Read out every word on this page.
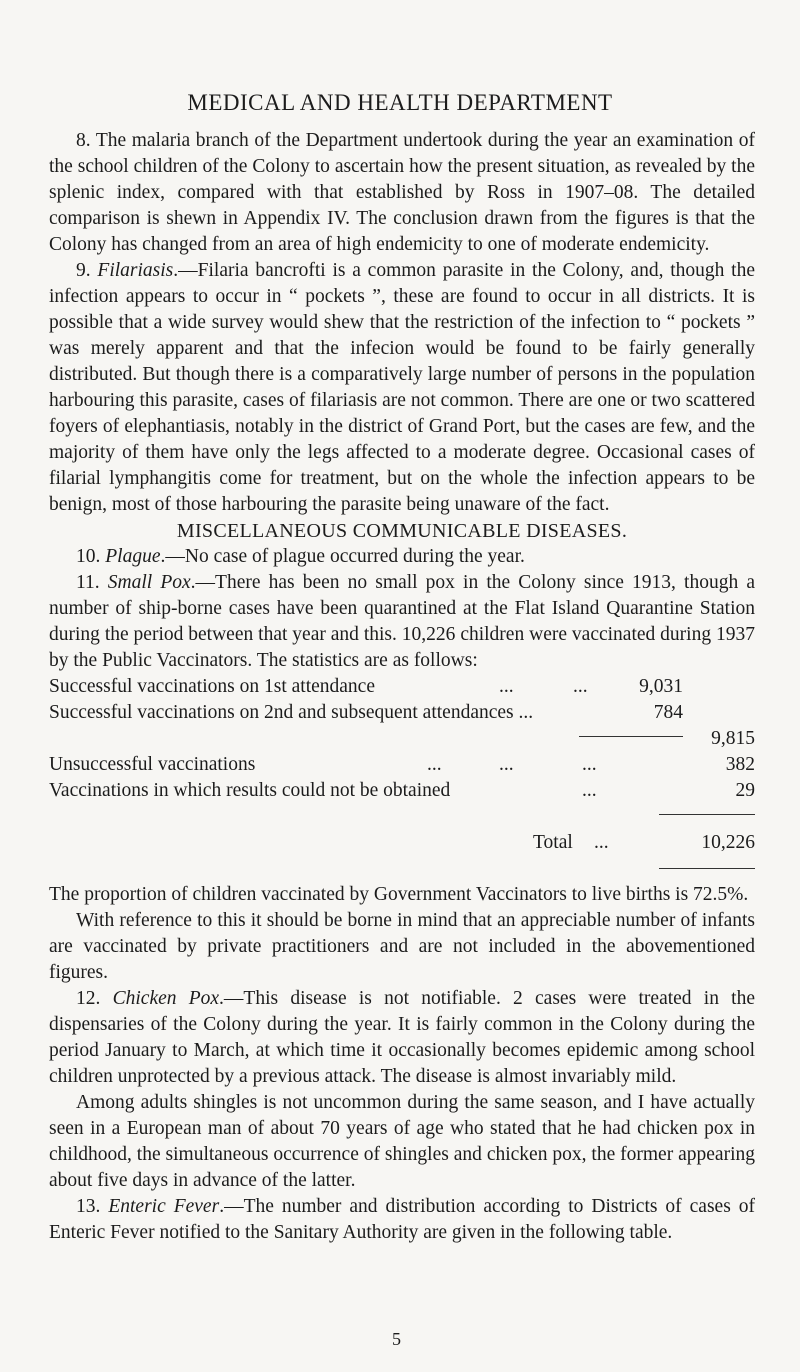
MEDICAL AND HEALTH DEPARTMENT

8. The malaria branch of the Department undertook during the year an examination of the school children of the Colony to ascertain how the present situation, as revealed by the splenic index, compared with that established by Ross in 1907–08. The detailed comparison is shewn in Appendix IV. The conclusion drawn from the figures is that the Colony has changed from an area of high endemicity to one of moderate endemicity.

9. Filariasis.—Filaria bancrofti is a common parasite in the Colony, and, though the infection appears to occur in “ pockets ”, these are found to occur in all districts. It is possible that a wide survey would shew that the restriction of the infection to “ pockets ” was merely apparent and that the infecion would be found to be fairly generally distributed. But though there is a comparatively large number of persons in the population harbouring this parasite, cases of filariasis are not common. There are one or two scattered foyers of elephantiasis, notably in the district of Grand Port, but the cases are few, and the majority of them have only the legs affected to a moderate degree. Occasional cases of filarial lymphangitis come for treatment, but on the whole the infection appears to be benign, most of those harbouring the parasite being unaware of the fact.

MISCELLANEOUS COMMUNICABLE DISEASES.

10. Plague.—No case of plague occurred during the year.

11. Small Pox.—There has been no small pox in the Colony since 1913, though a number of ship-borne cases have been quarantined at the Flat Island Quarantine Station during the period between that year and this. 10,226 children were vaccinated during 1937 by the Public Vaccinators. The statistics are as follows:

Successful vaccinations on 1st attendance	...	...	9,031
Successful vaccinations on 2nd and subsequent attendances ...	784
9,815
Unsuccessful vaccinations	...	...	...	382
Vaccinations in which results could not be obtained	...	29
Total ...	10,226

The proportion of children vaccinated by Government Vaccinators to live births is 72.5%.

With reference to this it should be borne in mind that an appreciable number of infants are vaccinated by private practitioners and are not included in the abovementioned figures.

12. Chicken Pox.—This disease is not notifiable. 2 cases were treated in the dispensaries of the Colony during the year. It is fairly common in the Colony during the period January to March, at which time it occasionally becomes epidemic among school children unprotected by a previous attack. The disease is almost invariably mild.

Among adults shingles is not uncommon during the same season, and I have actually seen in a European man of about 70 years of age who stated that he had chicken pox in childhood, the simultaneous occurrence of shingles and chicken pox, the former appearing about five days in advance of the latter.

13. Enteric Fever.—The number and distribution according to Districts of cases of Enteric Fever notified to the Sanitary Authority are given in the following table.

5
